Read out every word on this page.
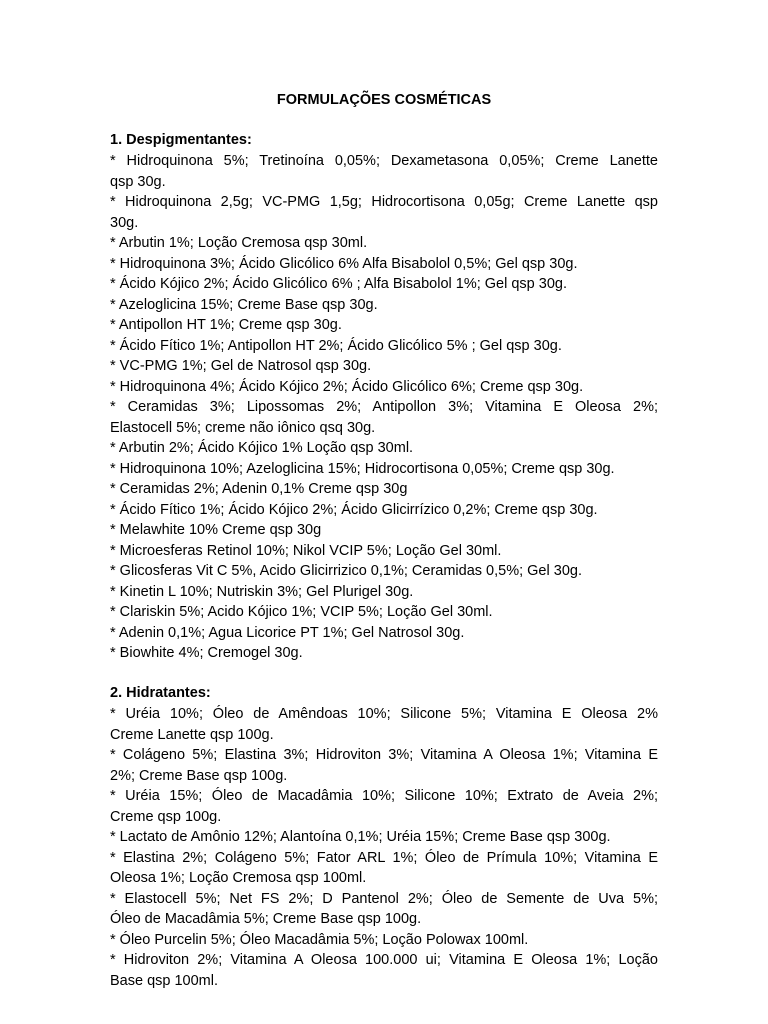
FORMULAÇÕES COSMÉTICAS
1. Despigmentantes:
* Hidroquinona 5%; Tretinoína 0,05%; Dexametasona 0,05%; Creme Lanette
qsp 30g.
* Hidroquinona 2,5g; VC-PMG 1,5g; Hidrocortisona 0,05g; Creme Lanette qsp
30g.
* Arbutin 1%; Loção Cremosa qsp 30ml.
* Hidroquinona 3%; Ácido Glicólico 6% Alfa Bisabolol 0,5%; Gel qsp 30g.
* Ácido Kójico 2%; Ácido Glicólico 6% ; Alfa Bisabolol 1%; Gel qsp 30g.
* Azeloglicina 15%; Creme Base qsp 30g.
* Antipollon HT 1%; Creme qsp 30g.
* Ácido Fítico 1%; Antipollon HT 2%; Ácido Glicólico 5% ; Gel qsp 30g.
* VC-PMG 1%; Gel de Natrosol qsp 30g.
* Hidroquinona 4%; Ácido Kójico 2%; Ácido Glicólico 6%; Creme qsp 30g.
* Ceramidas 3%; Lipossomas 2%; Antipollon 3%; Vitamina E Oleosa 2%;
Elastocell 5%; creme não iônico qsq 30g.
* Arbutin 2%; Ácido Kójico 1% Loção qsp 30ml.
* Hidroquinona 10%; Azeloglicina 15%; Hidrocortisona 0,05%; Creme qsp 30g.
* Ceramidas 2%; Adenin 0,1% Creme qsp 30g
* Ácido Fítico 1%; Ácido Kójico 2%; Ácido Glicirrízico 0,2%; Creme qsp 30g.
* Melawhite 10% Creme qsp 30g
* Microesferas Retinol 10%; Nikol VCIP 5%; Loção Gel 30ml.
* Glicosferas Vit C 5%, Acido Glicirrizico 0,1%; Ceramidas 0,5%; Gel 30g.
* Kinetin L 10%; Nutriskin 3%; Gel Plurigel 30g.
* Clariskin 5%; Acido Kójico 1%; VCIP 5%; Loção Gel 30ml.
* Adenin 0,1%; Agua Licorice PT 1%; Gel Natrosol 30g.
* Biowhite 4%; Cremogel 30g.
2. Hidratantes:
* Uréia 10%; Óleo de Amêndoas 10%; Silicone 5%; Vitamina E Oleosa 2%
Creme Lanette qsp 100g.
* Colágeno 5%; Elastina 3%; Hidroviton 3%; Vitamina A Oleosa 1%; Vitamina E
2%; Creme Base qsp 100g.
* Uréia 15%; Óleo de Macadâmia 10%; Silicone 10%; Extrato de Aveia 2%;
Creme qsp 100g.
* Lactato de Amônio 12%; Alantoína 0,1%; Uréia 15%; Creme Base qsp 300g.
* Elastina 2%; Colágeno 5%; Fator ARL 1%; Óleo de Prímula 10%; Vitamina E
Oleosa 1%; Loção Cremosa qsp 100ml.
* Elastocell 5%; Net FS 2%; D Pantenol 2%; Óleo de Semente de Uva 5%;
Óleo de Macadâmia 5%; Creme Base qsp 100g.
* Óleo Purcelin 5%; Óleo Macadâmia 5%; Loção Polowax 100ml.
* Hidroviton 2%; Vitamina A Oleosa 100.000 ui; Vitamina E Oleosa 1%; Loção
Base qsp 100ml.
